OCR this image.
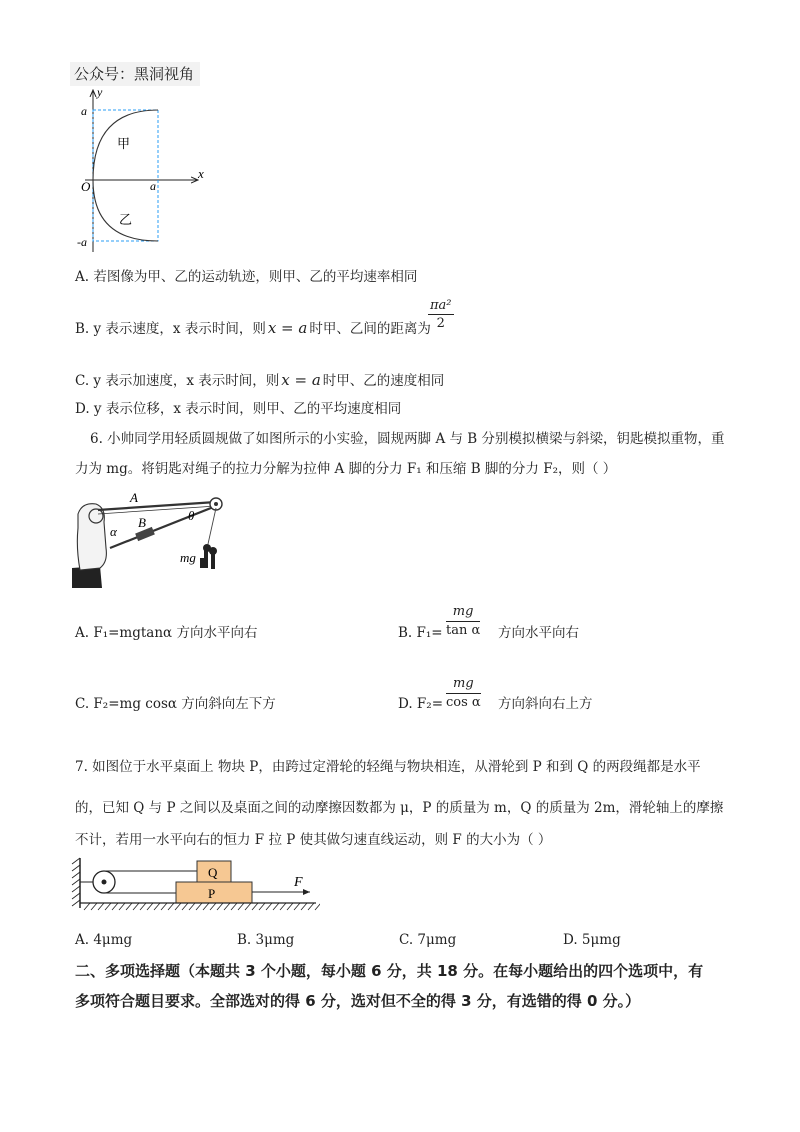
公众号：黑洞视角
y
x
O
a
a
-a
甲
乙
A. 若图像为甲、乙的运动轨迹，则甲、乙的平均速率相同
B. y 表示速度，x 表示时间，则 x = a 时甲、乙间的距离为
$\frac{\text{πa²}}{2}$
C. y 表示加速度，x 表示时间，则 x = a 时甲、乙的速度相同
D. y 表示位移，x 表示时间，则甲、乙的平均速度相同
6. 小帅同学用轻质圆规做了如图所示的小实验，圆规两脚 A 与 B 分别模拟横梁与斜梁，钥匙模拟重物，重
力为 mg。将钥匙对绳子的拉力分解为拉伸 A 脚的分力 F₁ 和压缩 B 脚的分力 F₂，则（ ）
A
B	θ
α
mg
A. F₁=mgtanα 方向水平向右	B. $F_1= \frac{mg}{\text{tan α}}$ 方向水平向右
C. F₂=mg cosα 方向斜向左下方	D. $F_2= \frac{mg}{\text{cos α}}$ 方向斜向右上方
7. 如图位于水平桌面上 物块 P，由跨过定滑轮的轻绳与物块相连，从滑轮到 P 和到 Q 的两段绳都是水平
的，已知 Q 与 P 之间以及桌面之间的动摩擦因数都为 μ，P 的质量为 m，Q 的质量为 2m，滑轮轴上的摩擦
不计，若用一水平向右的恒力 F 拉 P 使其做匀速直线运动，则 F 的大小为（ ）
Q
P
F
A. 4μmg	B. 3μmg	C. 7μmg	D. 5μmg
二、多项选择题（本题共 3 个小题，每小题 6 分，共 18 分。在每小题给出的四个选项中，有
多项符合题目要求。全部选对的得 6 分，选对但不全的得 3 分，有选错的得 0 分。）
